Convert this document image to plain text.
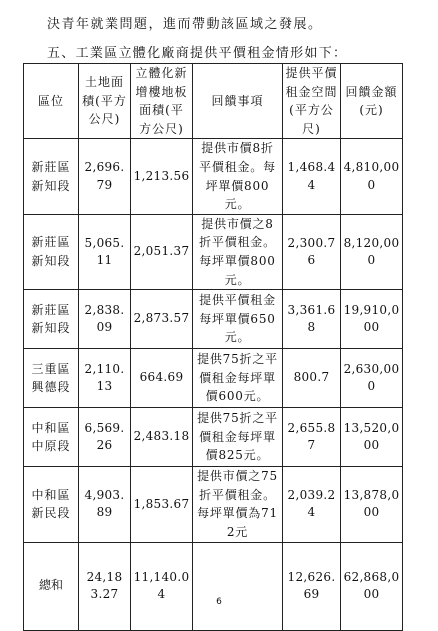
決青年就業問題，進而帶動該區域之發展。
五、工業區立體化廠商提供平價租金情形如下：
區位	土地面積(平方公尺)	立體化新增樓地板面積(平方公尺)	回饋事項	提供平價租金空間(平方公尺)	回饋金額(元)

新莊區新知段	2,696.79	1,213.56	提供市價8折平價租金。每坪單價800元。	1,468.44	4,810,000

新莊區新知段	5,065.11	2,051.37	提供市價之8折平價租金。每坪單價800元。	2,300.76	8,120,000

新莊區新知段	2,838.09	2,873.57	提供平價租金每坪單價650元。	3,361.68	19,910,000

三重區興德段	2,110.13	664.69	提供75折之平價租金每坪單價600元。	800.7	2,630,000

中和區中原段	6,569.26	2,483.18	提供75折之平價租金每坪單價825元。	2,655.87	13,520,000

中和區新民段	4,903.89	1,853.67	提供市價之75折平價租金。每坪單價為712元	2,039.24	13,878,000
總和	24,183.27	11,140.04		12,626.69	62,868,000
6
